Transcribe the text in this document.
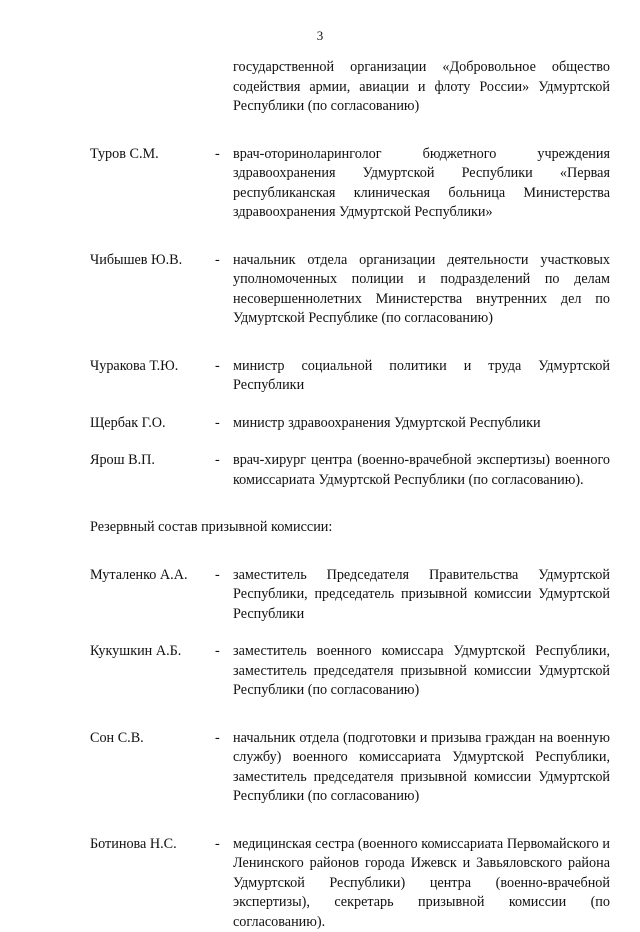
3
государственной организации «Добровольное общество содействия армии, авиации и флоту России» Удмуртской Республики (по согласованию)
Туров С.М.	- врач-оториноларинголог бюджетного учреждения здравоохранения Удмуртской Республики «Первая республиканская клиническая больница Министерства здравоохранения Удмуртской Республики»
Чибышев Ю.В.	- начальник отдела организации деятельности участковых уполномоченных полиции и подразделений по делам несовершеннолетних Министерства внутренних дел по Удмуртской Республике (по согласованию)
Чуракова Т.Ю.	- министр социальной политики и труда Удмуртской Республики
Щербак Г.О.	- министр здравоохранения Удмуртской Республики
Ярош В.П.	- врач-хирург центра (военно-врачебной экспертизы) военного комиссариата Удмуртской Республики (по согласованию).
Резервный состав призывной комиссии:
Муталенко А.А.	- заместитель Председателя Правительства Удмуртской Республики, председатель призывной комиссии Удмуртской Республики
Кукушкин А.Б.	- заместитель военного комиссара Удмуртской Республики, заместитель председателя призывной комиссии Удмуртской Республики (по согласованию)
Сон С.В.	- начальник отдела (подготовки и призыва граждан на военную службу) военного комиссариата Удмуртской Республики, заместитель председателя призывной комиссии Удмуртской Республики (по согласованию)
Ботинова Н.С.	- медицинская сестра (военного комиссариата Первомайского и Ленинского районов города Ижевск и Завьяловского района Удмуртской Республики) центра (военно-врачебной экспертизы), секретарь призывной комиссии (по согласованию).
